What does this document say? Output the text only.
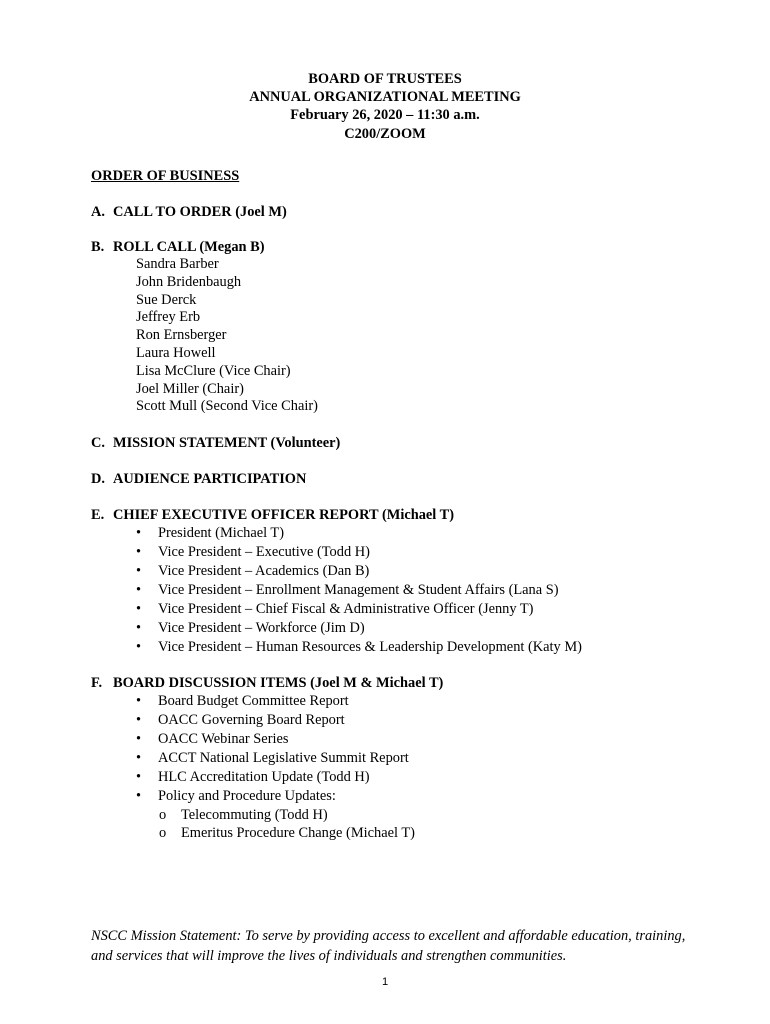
BOARD OF TRUSTEES
ANNUAL ORGANIZATIONAL MEETING
February 26, 2020 – 11:30 a.m.
C200/ZOOM
ORDER OF BUSINESS
A. CALL TO ORDER (Joel M)
B. ROLL CALL (Megan B)
Sandra Barber
John Bridenbaugh
Sue Derck
Jeffrey Erb
Ron Ernsberger
Laura Howell
Lisa McClure (Vice Chair)
Joel Miller (Chair)
Scott Mull (Second Vice Chair)
C. MISSION STATEMENT (Volunteer)
D. AUDIENCE PARTICIPATION
E. CHIEF EXECUTIVE OFFICER REPORT (Michael T)
• President (Michael T)
• Vice President – Executive (Todd H)
• Vice President – Academics (Dan B)
• Vice President – Enrollment Management & Student Affairs (Lana S)
• Vice President – Chief Fiscal & Administrative Officer (Jenny T)
• Vice President – Workforce (Jim D)
• Vice President – Human Resources & Leadership Development (Katy M)
F. BOARD DISCUSSION ITEMS (Joel M & Michael T)
• Board Budget Committee Report
• OACC Governing Board Report
• OACC Webinar Series
• ACCT National Legislative Summit Report
• HLC Accreditation Update (Todd H)
• Policy and Procedure Updates:
o Telecommuting (Todd H)
o Emeritus Procedure Change (Michael T)
NSCC Mission Statement: To serve by providing access to excellent and affordable education, training, and services that will improve the lives of individuals and strengthen communities.
1
